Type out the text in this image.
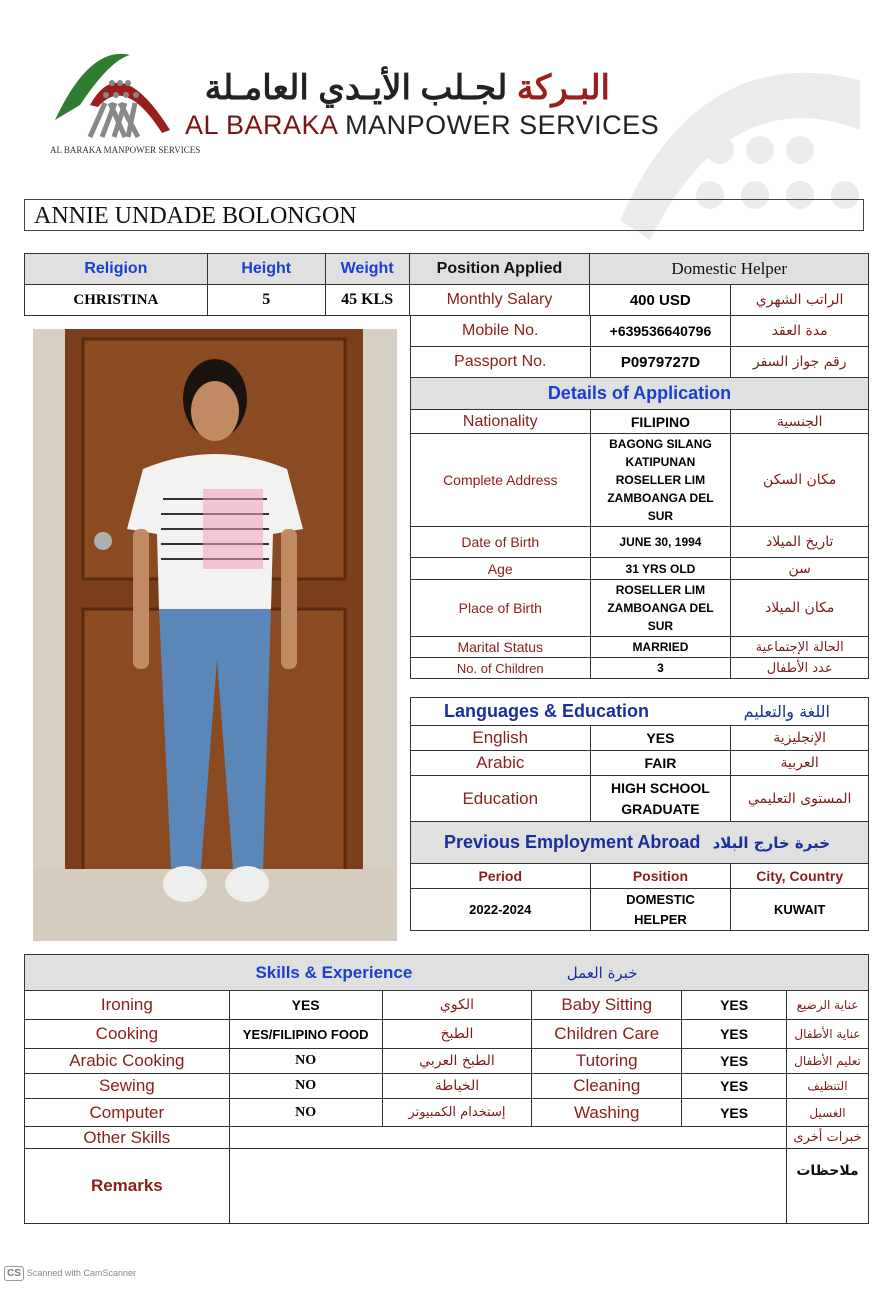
AL BARAKA MANPOWER SERVICES
البـركة لجـلب الأيـدي العامـلة
AL BARAKA MANPOWER SERVICES
ANNIE UNDADE BOLONGON
Religion	Height	Weight	Position Applied	Domestic Helper	
CHRISTINA	5	45 KLS	Monthly Salary	400 USD	الراتب الشهري
Mobile No.	+639536640796	مدة العقد
Passport No.	P0979727D	رقم جواز السفر
Details of Application		
Nationality	FILIPINO	الجنسية
Complete Address	BAGONG SILANG KATIPUNAN ROSELLER LIM ZAMBOANGA DEL SUR	مكان السكن
Date of Birth	JUNE 30, 1994	تاريخ الميلاد
Age	31 YRS OLD	سن
Place of Birth	ROSELLER LIM ZAMBOANGA DEL SUR	مكان الميلاد
Marital Status	MARRIED	الحالة الإجتماعية
No. of Children	3	عدد الأطفال
Languages & Education اللغة والتعليم		

English	YES	الإنجليزية
Arabic	FAIR	العربية
Education	HIGH SCHOOL GRADUATE	المستوى التعليمي

Previous Employment Abroad خبرة خارج البلاد		

Period	Position	City, Country
2022-2024	DOMESTIC HELPER	KUWAIT
Skills & Experience خبرة العمل					
Ironing	YES	الكوي	Baby Sitting	YES	عناية الرضيع
Cooking	YES/FILIPINO FOOD	الطبخ	Children Care	YES	عناية الأطفال
Arabic Cooking	NO	الطبخ العربي	Tutoring	YES	تعليم الأطفال
Sewing	NO	الخياطة	Cleaning	YES	التنظيف
Computer	NO	إستخدام الكمبيوتر	Washing	YES	الغسيل
Other Skills					خبرات أخرى
Remarks					ملاحظات
CS Scanned with CamScanner
